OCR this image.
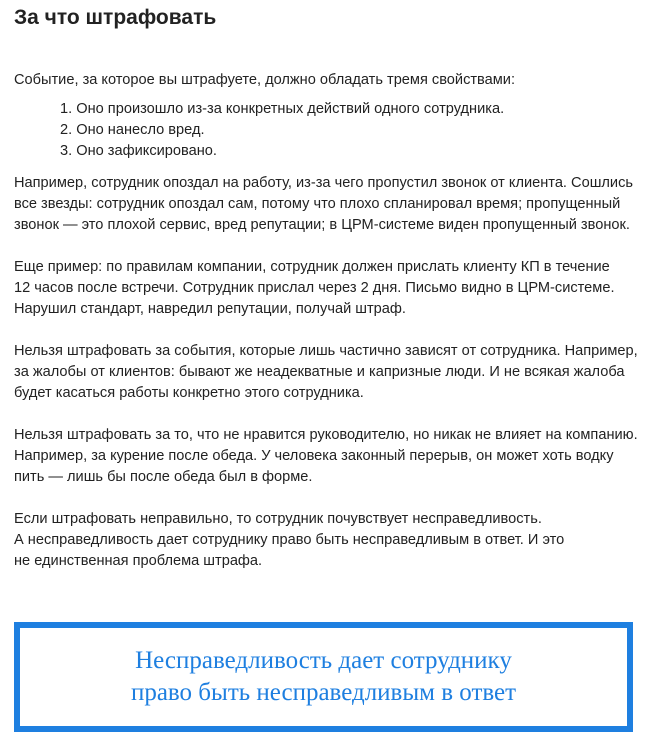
За что штрафовать

Событие, за которое вы штрафуете, должно обладать тремя свойствами:

1. Оно произошло из-за конкретных действий одного сотрудника.
2. Оно нанесло вред.
3. Оно зафиксировано.

Например, сотрудник опоздал на работу, из-за чего пропустил звонок от клиента. Сошлись
все звезды: сотрудник опоздал сам, потому что плохо спланировал время; пропущенный
звонок — это плохой сервис, вред репутации; в ЦРМ-системе виден пропущенный звонок.

Еще пример: по правилам компании, сотрудник должен прислать клиенту КП в течение
12 часов после встречи. Сотрудник прислал через 2 дня. Письмо видно в ЦРМ-системе.
Нарушил стандарт, навредил репутации, получай штраф.

Нельзя штрафовать за события, которые лишь частично зависят от сотрудника. Например,
за жалобы от клиентов: бывают же неадекватные и капризные люди. И не всякая жалоба
будет касаться работы конкретно этого сотрудника.

Нельзя штрафовать за то, что не нравится руководителю, но никак не влияет на компанию.
Например, за курение после обеда. У человека законный перерыв, он может хоть водку
пить — лишь бы после обеда был в форме.

Если штрафовать неправильно, то сотрудник почувствует несправедливость.
А несправедливость дает сотруднику право быть несправедливым в ответ. И это
не единственная проблема штрафа.

Несправедливость дает сотруднику
право быть несправедливым в ответ
